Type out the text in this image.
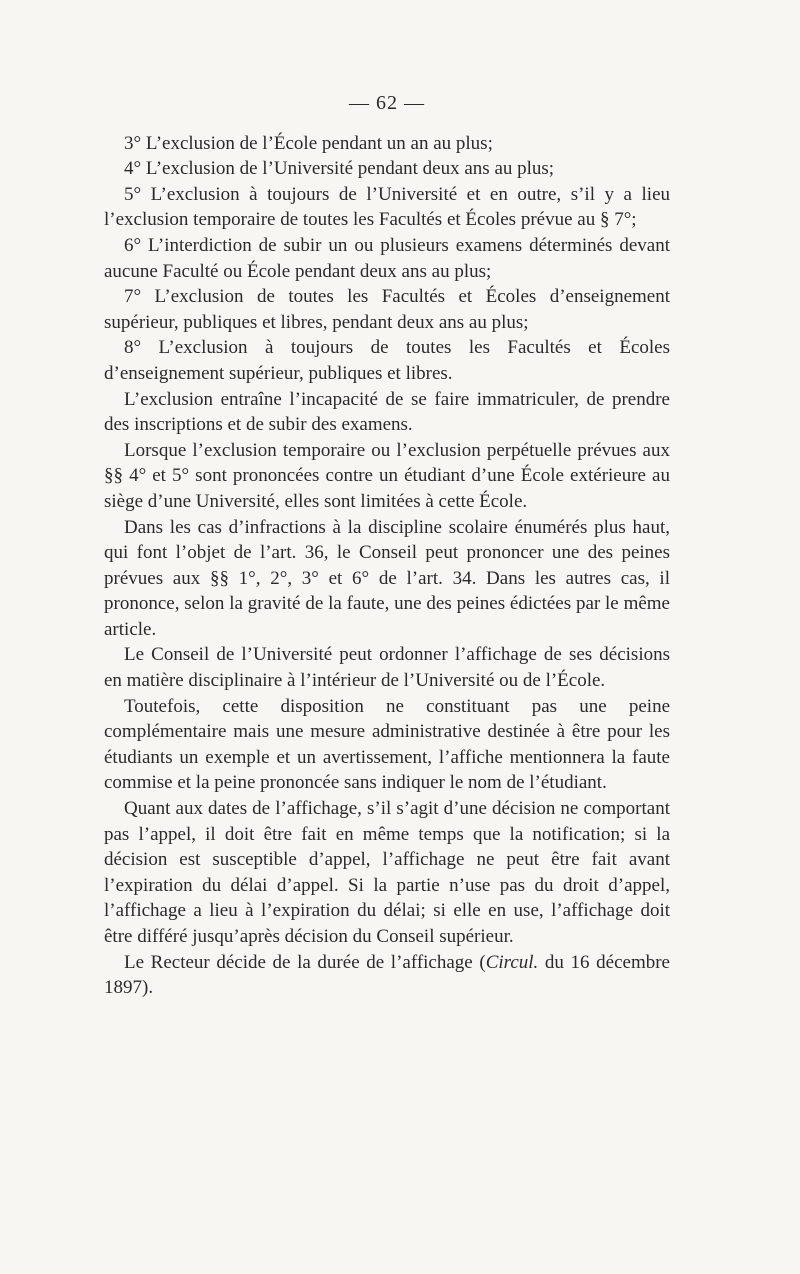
— 62 —

3° L’exclusion de l’École pendant un an au plus;

4° L’exclusion de l’Université pendant deux ans au plus;

5° L’exclusion à toujours de l’Université et en outre, s’il y a lieu l’exclusion temporaire de toutes les Facultés et Écoles prévue au § 7°;

6° L’interdiction de subir un ou plusieurs examens déterminés devant aucune Faculté ou École pendant deux ans au plus;

7° L’exclusion de toutes les Facultés et Écoles d’enseignement supérieur, publiques et libres, pendant deux ans au plus;

8° L’exclusion à toujours de toutes les Facultés et Écoles d’enseignement supérieur, publiques et libres.

L’exclusion entraîne l’incapacité de se faire immatriculer, de prendre des inscriptions et de subir des examens.

Lorsque l’exclusion temporaire ou l’exclusion perpétuelle prévues aux §§ 4° et 5° sont prononcées contre un étudiant d’une École extérieure au siège d’une Université, elles sont limitées à cette École.

Dans les cas d’infractions à la discipline scolaire énumérés plus haut, qui font l’objet de l’art. 36, le Conseil peut prononcer une des peines prévues aux §§ 1°, 2°, 3° et 6° de l’art. 34. Dans les autres cas, il prononce, selon la gravité de la faute, une des peines édictées par le même article.

Le Conseil de l’Université peut ordonner l’affichage de ses décisions en matière disciplinaire à l’intérieur de l’Université ou de l’École.

Toutefois, cette disposition ne constituant pas une peine complémentaire mais une mesure administrative destinée à être pour les étudiants un exemple et un avertissement, l’affiche mentionnera la faute commise et la peine prononcée sans indiquer le nom de l’étudiant.

Quant aux dates de l’affichage, s’il s’agit d’une décision ne comportant pas l’appel, il doit être fait en même temps que la notification; si la décision est susceptible d’appel, l’affichage ne peut être fait avant l’expiration du délai d’appel. Si la partie n’use pas du droit d’appel, l’affichage a lieu à l’expiration du délai; si elle en use, l’affichage doit être différé jusqu’après décision du Conseil supérieur.

Le Recteur décide de la durée de l’affichage (Circul. du 16 décembre 1897).
